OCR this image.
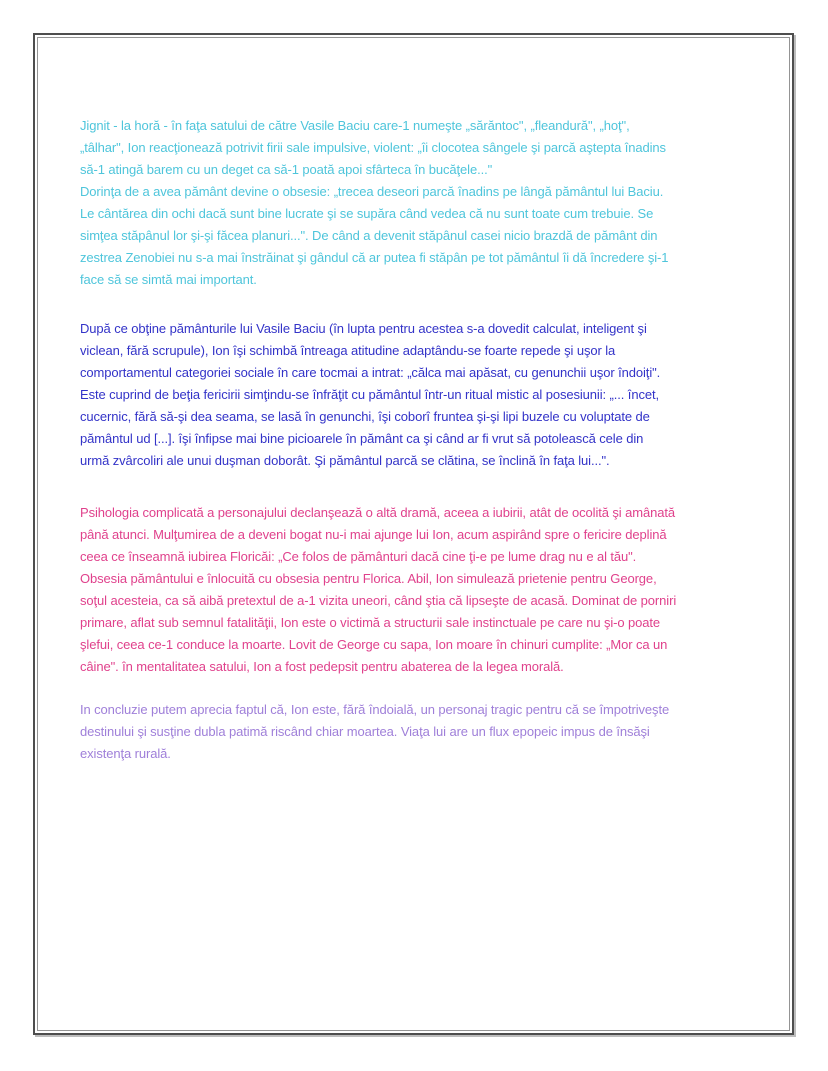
Jignit - la horă - în faţa satului de către Vasile Baciu care-1 numeşte „sărăntoc", „fleandură", „hoţ",
„tâlhar", Ion reacţionează potrivit firii sale impulsive, violent: „îi clocotea sângele şi parcă aştepta înadins
să-1 atingă barem cu un deget ca să-1 poată apoi sfârteca în bucăţele..."
Dorinţa de a avea pământ devine o obsesie: „trecea deseori parcă înadins pe lângă pământul lui Baciu.
Le cântărea din ochi dacă sunt bine lucrate şi se supăra când vedea că nu sunt toate cum trebuie. Se
simţea stăpânul lor şi-şi făcea planuri...". De când a devenit stăpânul casei nicio brazdă de pământ din
zestrea Zenobiei nu s-a mai înstrăinat şi gândul că ar putea fi stăpân pe tot pământul îi dă încredere şi-1
face să se simtă mai important.
După ce obţine pământurile lui Vasile Baciu (în lupta pentru acestea s-a dovedit calculat, inteligent şi
viclean, fără scrupule), Ion îşi schimbă întreaga atitudine adaptându-se foarte repede şi uşor la
comportamentul categoriei sociale în care tocmai a intrat: „călca mai apăsat, cu genunchii uşor îndoiţi".
Este cuprind de beţia fericirii simţindu-se înfrăţit cu pământul într-un ritual mistic al posesiunii: „... încet,
cucernic, fără să-şi dea seama, se lasă în genunchi, îşi coborî fruntea şi-şi lipi buzele cu voluptate de
pământul ud [...]. îşi înfipse mai bine picioarele în pământ ca şi când ar fi vrut să potolească cele din
urmă zvârcoliri ale unui duşman doborât. Şi pământul parcă se clătina, se înclină în faţa lui...".
Psihologia complicată a personajului declanşează o altă dramă, aceea a iubirii, atât de ocolită şi amânată
până atunci. Mulţumirea de a deveni bogat nu-i mai ajunge lui Ion, acum aspirând spre o fericire deplină
ceea ce înseamnă iubirea Floricăi: „Ce folos de pământuri dacă cine ţi-e pe lume drag nu e al tău".
Obsesia pământului e înlocuită cu obsesia pentru Florica. Abil, Ion simulează prietenie pentru George,
soţul acesteia, ca să aibă pretextul de a-1 vizita uneori, când ştia că lipseşte de acasă. Dominat de porniri
primare, aflat sub semnul fatalităţii, Ion este o victimă a structurii sale instinctuale pe care nu şi-o poate
şlefui, ceea ce-1 conduce la moarte. Lovit de George cu sapa, Ion moare în chinuri cumplite: „Mor ca un
câine". în mentalitatea satului, Ion a fost pedepsit pentru abaterea de la legea morală.
In concluzie putem aprecia faptul că, Ion este, fără îndoială, un personaj tragic pentru că se împotriveşte
destinului şi susţine dubla patimă riscând chiar moartea. Viaţa lui are un flux epopeic impus de însăşi
existenţa rurală.
